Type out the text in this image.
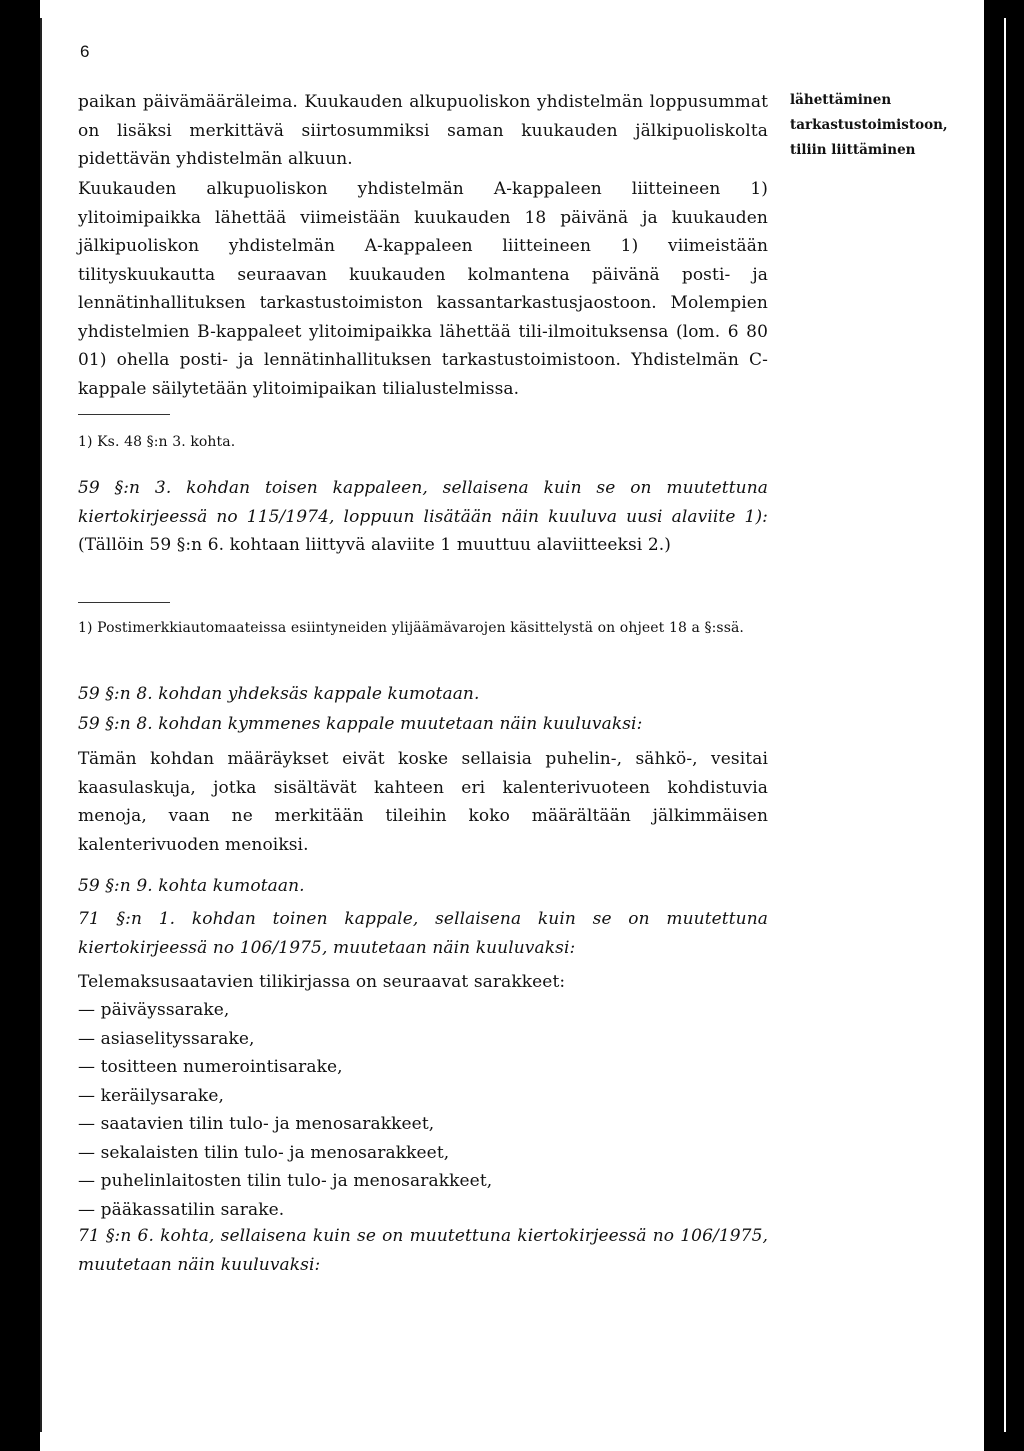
6
lähettäminen tarkastustoimistoon, tiliin liittäminen

paikan päivämääräleima. Kuukauden alkupuoliskon yhdistelmän loppusummat on lisäksi merkittävä siirtosummiksi saman kuukauden jälkipuoliskolta pidettävän yhdistelmän alkuun.

Kuukauden alkupuoliskon yhdistelmän A-kappaleen liitteineen 1) ylitoimipaikka lähettää viimeistään kuukauden 18 päivänä ja kuukauden jälkipuoliskon yhdistelmän A-kappaleen liitteineen 1) viimeistään tilityskuukautta seuraavan kuukauden kolmantena päivänä posti- ja lennätinhallituksen tarkastustoimiston kassantarkastusjaostoon. Molempien yhdistelmien B-kappaleet ylitoimipaikka lähettää tili-ilmoituksensa (lom. 6 80 01) ohella posti- ja lennätinhallituksen tarkastustoimistoon. Yhdistelmän C-kappale säilytetään ylitoimipaikan tilialustelmissa.

1) Ks. 48 §:n 3. kohta.

59 §:n 3. kohdan toisen kappaleen, sellaisena kuin se on muutettuna kiertokirjeessä no 115/1974, loppuun lisätään näin kuuluva uusi alaviite 1): (Tällöin 59 §:n 6. kohtaan liittyvä alaviite 1 muuttuu alaviitteeksi 2.)

1) Postimerkkiautomaateissa esiintyneiden ylijäämävarojen käsittelystä on ohjeet 18 a §:ssä.

59 §:n 8. kohdan yhdeksäs kappale kumotaan.

59 §:n 8. kohdan kymmenes kappale muutetaan näin kuuluvaksi:

Tämän kohdan määräykset eivät koske sellaisia puhelin-, sähkö-, vesitai kaasulaskuja, jotka sisältävät kahteen eri kalenterivuoteen kohdistuvia menoja, vaan ne merkitään tileihin koko määrältään jälkimmäisen kalenterivuoden menoiksi.

59 §:n 9. kohta kumotaan.

71 §:n 1. kohdan toinen kappale, sellaisena kuin se on muutettuna kiertokirjeessä no 106/1975, muutetaan näin kuuluvaksi:

Telemaksusaatavien tilikirjassa on seuraavat sarakkeet:

— päiväyssarake,

— asiaselityssarake,

— tositteen numerointisarake,

— keräilysarake,

— saatavien tilin tulo- ja menosarakkeet,

— sekalaisten tilin tulo- ja menosarakkeet,

— puhelinlaitosten tilin tulo- ja menosarakkeet,

— pääkassatilin sarake.

71 §:n 6. kohta, sellaisena kuin se on muutettuna kiertokirjeessä no 106/1975, muutetaan näin kuuluvaksi:
